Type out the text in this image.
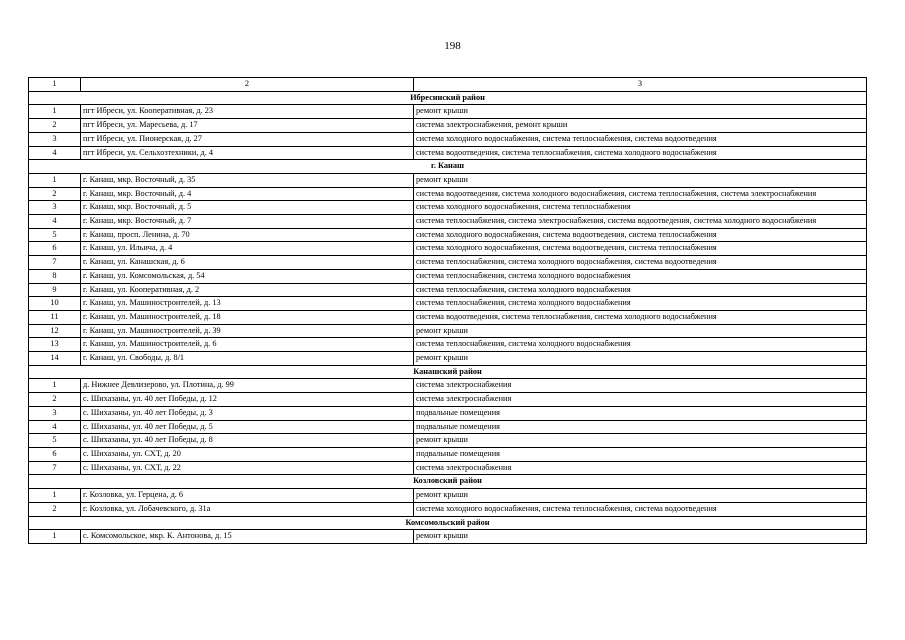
198
1	2	3
Ибресинский район		
1	пгт Ибреси, ул. Кооперативная, д. 23	ремонт крыши
2	пгт Ибреси, ул. Маресьева, д. 17	система электроснабжения, ремонт крыши
3	пгт Ибреси, ул. Пионерская, д. 27	система холодного водоснабжения, система теплоснабжения, система водоотведения
4	пгт Ибреси, ул. Сельхозтехники, д. 4	система водоотведения, система теплоснабжения, система холодного водоснабжения
г. Канаш		
1	г. Канаш, мкр. Восточный, д. 35	ремонт крыши
2	г. Канаш, мкр. Восточный, д. 4	система водоотведения, система холодного водоснабжения, система теплоснабжения, система электроснабжения
3	г. Канаш, мкр. Восточный, д. 5	система холодного водоснабжения, система теплоснабжения
4	г. Канаш, мкр. Восточный, д. 7	система теплоснабжения, система электроснабжения, система водоотведения, система холодного водоснабжения
5	г. Канаш, просп. Ленина, д. 70	система холодного водоснабжения, система водоотведения, система теплоснабжения
6	г. Канаш, ул. Ильича, д. 4	система холодного водоснабжения, система водоотведения, система теплоснабжения
7	г. Канаш, ул. Канашская, д. 6	система теплоснабжения, система холодного водоснабжения, система водоотведения
8	г. Канаш, ул. Комсомольская, д. 54	система теплоснабжения, система холодного водоснабжения
9	г. Канаш, ул. Кооперативная, д. 2	система теплоснабжения, система холодного водоснабжения
10	г. Канаш, ул. Машиностроителей, д. 13	система теплоснабжения, система холодного водоснабжения
11	г. Канаш, ул. Машиностроителей, д. 18	система водоотведения, система теплоснабжения, система холодного водоснабжения
12	г. Канаш, ул. Машиностроителей, д. 39	ремонт крыши
13	г. Канаш, ул. Машиностроителей, д. 6	система теплоснабжения, система холодного водоснабжения
14	г. Канаш, ул. Свободы, д. 8/1	ремонт крыши
Канашский район		
1	д. Нижнее Девлизерово, ул. Плотина, д. 99	система электроснабжения
2	с. Шихазаны, ул. 40 лет Победы, д. 12	система электроснабжения
3	с. Шихазаны, ул. 40 лет Победы, д. 3	подвальные помещения
4	с. Шихазаны, ул. 40 лет Победы, д. 5	подвальные помещения
5	с. Шихазаны, ул. 40 лет Победы, д. 8	ремонт крыши
6	с. Шихазаны, ул. СХТ, д. 20	подвальные помещения
7	с. Шихазаны, ул. СХТ, д. 22	система электроснабжения
Козловский район		
1	г. Козловка, ул. Герцена, д. 6	ремонт крыши
2	г. Козловка, ул. Лобачевского, д. 31а	система холодного водоснабжения, система теплоснабжения, система водоотведения
Комсомольский район		
1	с. Комсомольское, мкр. К. Антонова, д. 15	ремонт крыши
